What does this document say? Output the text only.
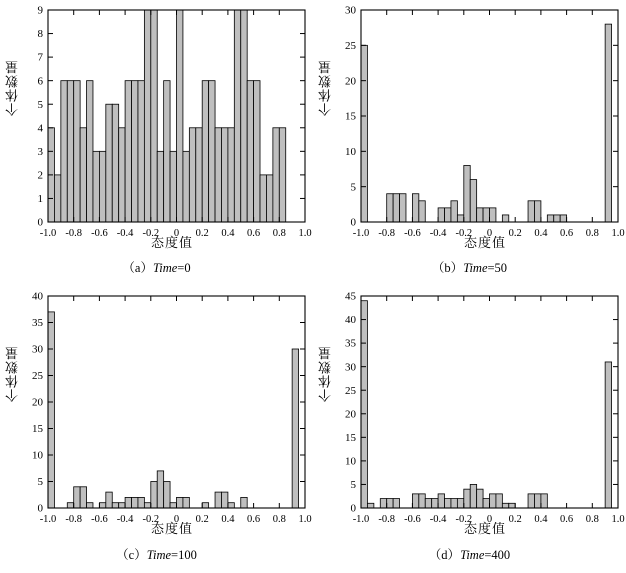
0
1
2
3
4
5
6
7
8
9
-1.0 -0.8 -0.6 -0.4 -0.2 0 0.2 0.4 0.6 0.8 1.0
个体数量
态度值
（a）Time=0
0
5
10
15
20
25
30
-1.0 -0.8 -0.6 -0.4 -0.2 0 0.2 0.4 0.6 0.8 1.0
个体数量
态度值
（b）Time=50
0
5
10
15
20
25
30
35
40
-1.0 -0.8 -0.6 -0.4 -0.2 0 0.2 0.4 0.6 0.8 1.0
个体数量
态度值
（c）Time=100
0
5
10
15
20
25
30
35
40
45
-1.0 -0.8 -0.6 -0.4 -0.2 0 0.2 0.4 0.6 0.8 1.0
个体数量
态度值
（d）Time=400
